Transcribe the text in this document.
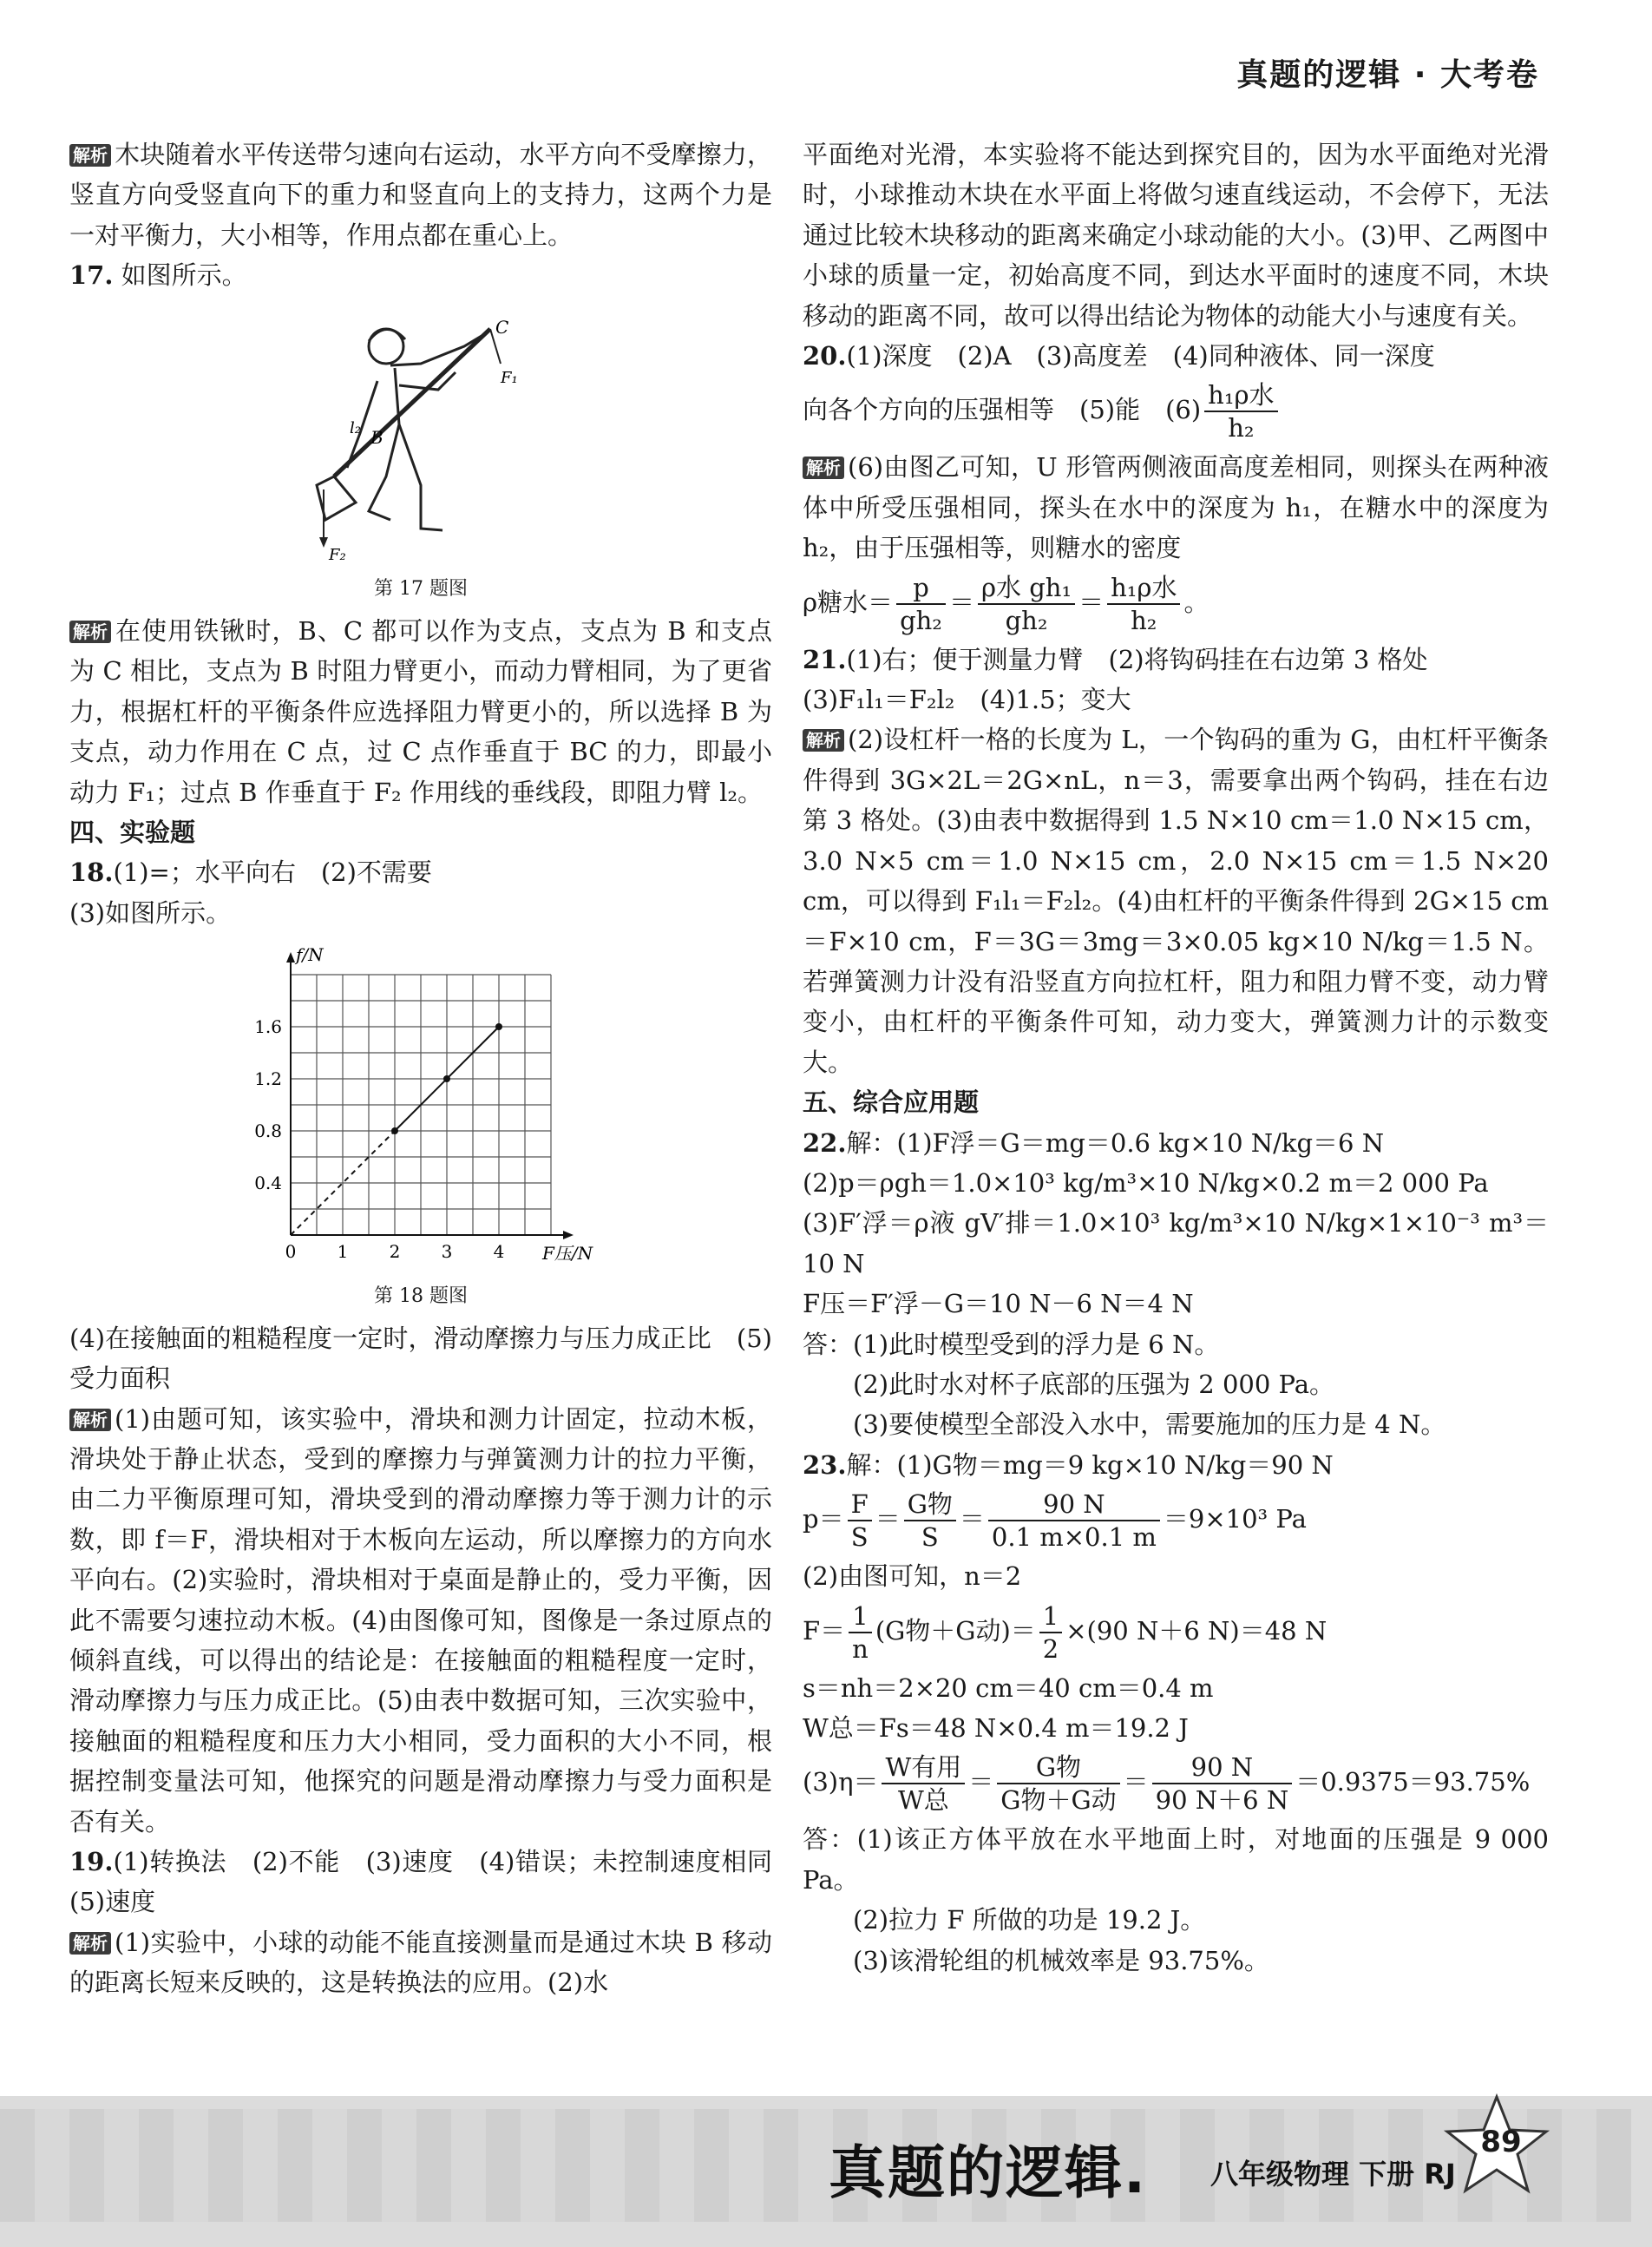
真题的逻辑 · 大考卷

解析 木块随着水平传送带匀速向右运动，水平方向不受摩擦力，竖直方向受竖直向下的重力和竖直向上的支持力，这两个力是一对平衡力，大小相等，作用点都在重心上。

17. 如图所示。

C
F₁
l₂ B
F₂
第 17 题图

解析 在使用铁锹时，B、C 都可以作为支点，支点为 B 和支点为 C 相比，支点为 B 时阻力臂更小，而动力臂相同，为了更省力，根据杠杆的平衡条件应选择阻力臂更小的，所以选择 B 为支点，动力作用在 C 点，过 C 点作垂直于 BC 的力，即最小动力 F₁；过点 B 作垂直于 F₂ 作用线的垂线段，即阻力臂 l₂。

四、实验题

18.(1)=；水平向右　(2)不需要

(3)如图所示。

0 1 2 3 4
0.4
0.8
1.2
1.6
f/N
F压/N
第 18 题图

(4)在接触面的粗糙程度一定时，滑动摩擦力与压力成正比　(5)受力面积

解析 (1)由题可知，该实验中，滑块和测力计固定，拉动木板，滑块处于静止状态，受到的摩擦力与弹簧测力计的拉力平衡，由二力平衡原理可知，滑块受到的滑动摩擦力等于测力计的示数，即 f＝F，滑块相对于木板向左运动，所以摩擦力的方向水平向右。(2)实验时，滑块相对于桌面是静止的，受力平衡，因此不需要匀速拉动木板。(4)由图像可知，图像是一条过原点的倾斜直线，可以得出的结论是：在接触面的粗糙程度一定时，滑动摩擦力与压力成正比。(5)由表中数据可知，三次实验中，接触面的粗糙程度和压力大小相同，受力面积的大小不同，根据控制变量法可知，他探究的问题是滑动摩擦力与受力面积是否有关。

19.(1)转换法　(2)不能　(3)速度　(4)错误；未控制速度相同　(5)速度

解析 (1)实验中，小球的动能不能直接测量而是通过木块 B 移动的距离长短来反映的，这是转换法的应用。(2)水

平面绝对光滑，本实验将不能达到探究目的，因为水平面绝对光滑时，小球推动木块在水平面上将做匀速直线运动，不会停下，无法通过比较木块移动的距离来确定小球动能的大小。(3)甲、乙两图中小球的质量一定，初始高度不同，到达水平面时的速度不同，木块移动的距离不同，故可以得出结论为物体的动能大小与速度有关。

20.(1)深度　(2)A　(3)高度差　(4)同种液体、同一深度

向各个方向的压强相等　(5)能　$(6) \frac{\text{h₁ρ水}}{\text{h₂}}$

解析 (6)由图乙可知，U 形管两侧液面高度差相同，则探头在两种液体中所受压强相同，探头在水中的深度为 h₁，在糖水中的深度为 h₂，由于压强相等，则糖水的密度

ρ糖水＝ $\frac{p}{\text{gh₂}} = \frac{\text{ρ水 gh₁}}{\text{gh₂}} = \frac{\text{h₁ρ水}}{\text{h₂}}$ 。

21.(1)右；便于测量力臂　(2)将钩码挂在右边第 3 格处

(3)F₁l₁＝F₂l₂　(4)1.5；变大

解析 (2)设杠杆一格的长度为 L，一个钩码的重为 G，由杠杆平衡条件得到 3G×2L＝2G×nL，n＝3，需要拿出两个钩码，挂在右边第 3 格处。(3)由表中数据得到 1.5 N×10 cm＝1.0 N×15 cm，3.0 N×5 cm＝1.0 N×15 cm，2.0 N×15 cm＝1.5 N×20 cm，可以得到 F₁l₁＝F₂l₂。(4)由杠杆的平衡条件得到 2G×15 cm＝F×10 cm，F＝3G＝3mg＝3×0.05 kg×10 N/kg＝1.5 N。若弹簧测力计没有沿竖直方向拉杠杆，阻力和阻力臂不变，动力臂变小，由杠杆的平衡条件可知，动力变大，弹簧测力计的示数变大。

五、综合应用题

22.解：(1)F浮＝G＝mg＝0.6 kg×10 N/kg＝6 N

(2)p＝ρgh＝1.0×10³ kg/m³×10 N/kg×0.2 m＝2 000 Pa

(3)F′浮＝ρ液 gV′排＝1.0×10³ kg/m³×10 N/kg×1×10⁻³ m³＝10 N

F压＝F′浮－G＝10 N－6 N＝4 N

答：(1)此时模型受到的浮力是 6 N。

(2)此时水对杯子底部的压强为 2 000 Pa。

(3)要使模型全部没入水中，需要施加的压力是 4 N。

23.解：(1)G物＝mg＝9 kg×10 N/kg＝90 N

$p= \frac{F}{S} = \frac{\text{G物}}{S} = \frac{90 N}{0.1 m\times 0.1 m} =9\times 10^3$ Pa

(2)由图可知，n＝2

$F= \frac{1}{n} (G$物＋G动)＝ $\frac{1}{2} \times(90$ N＋6 N)＝48 N

s＝nh＝2×20 cm＝40 cm＝0.4 m

W总＝Fs＝48 N×0.4 m＝19.2 J

$(3)\eta= \frac{\text{W有用}}{\text{W总}} = \frac{\text{G物}}{\text{G物＋G动}} = \frac{90 N}{90 N+6 N} =0.9375=93.75\%$

答：(1)该正方体平放在水平地面上时，对地面的压强是 9 000 Pa。

(2)拉力 F 所做的功是 19.2 J。

(3)该滑轮组的机械效率是 93.75%。

真题的逻辑. 八年级物理 下册 RJ
89
